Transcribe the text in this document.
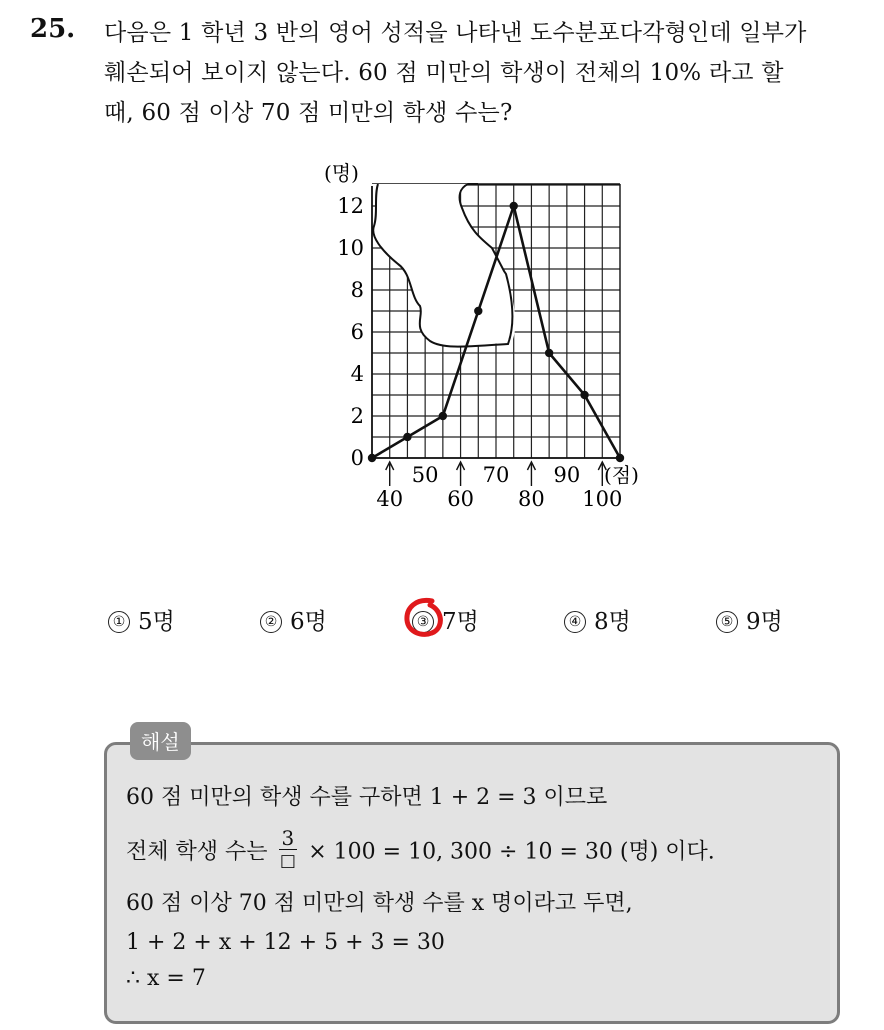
25. 다음은 1 학년 3 반의 영어 성적을 나타낸 도수분포다각형인데 일부가
훼손되어 보이지 않는다. 60 점 미만의 학생이 전체의 10% 라고 할
때, 60 점 이상 70 점 미만의 학생 수는?
0
2
4
6
8
10
12
40 60 80 100
50 70 90
(명)
(점)
① 5명	② 6명	③ 7명	④ 8명	⑤ 9명
해설
60 점 미만의 학생 수를 구하면 1 + 2 = 3 이므로
전체 학생 수는 $\frac{3}{□} \times 100 = 10$, 300 ÷ 10 = 30 (명) 이다.
60 점 이상 70 점 미만의 학생 수를 x 명이라고 두면,
1 + 2 + x + 12 + 5 + 3 = 30
∴ x = 7
